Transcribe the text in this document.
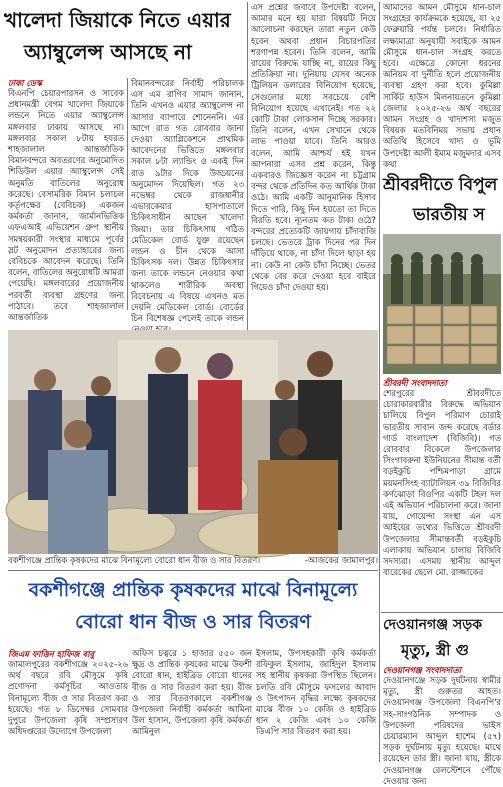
খালেদা জিয়াকে নিতে এয়ার
অ্যাম্বুলেন্স আসছে না
ঢাকা ডেস্ক
বিএনপি চেয়ারপারসন ও সাবেক প্রধানমন্ত্রী বেগম খালেদা জিয়াকে লন্ডনে নিতে এয়ার অ্যাম্বুলেন্স মঙ্গলবার ঢাকায় আসছে না। মঙ্গলবার সকাল ৮টায় হযরত শাহজালাল আন্তর্জাতিক বিমানবন্দরে অবতরণের অনুমোদিত শিডিউল এয়ার অ্যাম্বুলেন্স সেই অনুমতি বাতিলের অনুরোধ করেছে। বেসামরিক বিমান চলাচল কর্তৃপক্ষের (বেবিচক) একজন কর্মকর্তা জানান, জার্মানভিত্তিক এফএআই এভিয়েশন গ্রুপ স্থানীয় সমন্বয়কারী সংস্থার মাধ্যমে পূর্বের স্লট অনুমোদন প্রত্যাহারের জন্য বেবিচকে আবেদন করেছে। তিনি বলেন, বাতিলের অনুরোধটি আমরা পেয়েছি। মঙ্গলবারের প্রয়োজনীয় পরবর্তী ব্যবস্থা গ্রহণের জন্য পাঠাবে। তবে শাহজালাল আন্তর্জাতিক
বিমানবন্দরের নির্বাহী পরিচালক এস এম রাগিব সামাদ জানান, তিনি এখনও এয়ার অ্যাম্বুলেন্স না আসার ব্যাপারে শোনেননি। এর আগে রাত গত রোববার জানা দেওয়া অ্যাপ্লিকেশনে প্রাথমিক আবেদনের ভিত্তিতে মঙ্গলবার সকাল ৮টা ল্যান্ডিং ও একই দিন রাত ৯টার দিকে উড্ডয়নের অনুমোদন দিয়েছিল। গত ২৩ নভেম্বর থেকে রাজধানীর এভারকেয়ার হাসপাতালে চিকিৎসাধীন আছেন খালেদা জিয়া। তার চিকিৎসায় গঠিত মেডিকেল বোর্ড যুক্ত রয়েছেন লন্ডন ও চীন থেকে আসা চিকিৎসক দল। উন্নত চিকিৎসার জন্য তাকে লন্ডনে নেওয়ার কথা থাকলেও শারীরিক অবস্থা বিবেচনায় এ বিষয়ে এখনও মত দেয়নি মেডিকেল বোর্ড। বোর্ডের চিন বিশেষজ্ঞ পেলেই তাকে লন্ডন
এস প্রশ্নের জবাবে উপদেষ্টা বলেন, আমার মনে হয় যারা বিষয়টি নিয়ে আলোচনা করছেন তারা নতুন কেউ হবেন অথবা প্রধান বিচারপতির শরণাপন্ন হবেন। তিনি বলেন, আমি রায়ের বিরুদ্ধে যাচ্ছি না, রায়ের কিছু প্রতিক্রিয়া না। দুনিয়ায় যেসব অনেক ট্রিলিয়ন ডলারের বিনিয়োগ হয়েছে, সেগুলোর মধ্যে সবচেয়ে বেশি বিনিয়োগ হয়েছে এখানেই। গত ২২ কোটি টাকা লোকসান দিচ্ছে সরকার। তিনি বলেন, এখন সেখানে থেকে লাভ পাওয়া যাবে। তিনি আরও বলেন, আমি আশ্চর্য হই যখন আপনারা এসব প্রশ্ন করেন, কিন্তু একবারও জিজ্ঞেস করেন না চট্টগ্রাম বন্দর থেকে প্রতিদিন কত আর্থিক টাকা ওঠে। আমি একটি আনুমানিক হিসাব দিতে পারি, কিছু দিন হয়তো তা দিতে বিরতি হবে। ন্যূনতম কত টাকা ওঠে? বন্দরের প্রত্যেকটি জায়গায় চাঁদাবাজি চলছে। ভেতরে ট্রাক দিনের পর দিন দাঁড়িয়ে থাকে, না চাঁদা দিলে ছাড়া হয় না। কেউ না কেউ চাঁদা নিচ্ছে। ভেতর থেকে বের করে দেওয়া হবে বাইরে গিয়েও চাঁদা দেওয়া হয়।
আমাদের আমন মৌসুমে ধান-চাল সংগ্রহের কার্যক্রমকে হয়েছে, যা ২৫ ফেব্রুয়ারি পর্যন্ত চলবে। নির্ধারিত লক্ষ্যমাত্রা অনুযায়ী সবাইকে আমন মৌসুমে ধান-চাল সংগ্রহ করতে হবে। এক্ষেত্রে কোনো ধরনের অনিয়ম বা দুর্নীতি হলে প্রয়োজনীয় ব্যবস্থা গ্রহণ করা হবে। কুমিল্লা সার্কিট হাউস মিলনায়তনে কুমিল্লা জেলার ২০২৫-২৬ অর্থ বছরের আমন সংগ্রহ ও খাদ্যশস্য মজুত বিষয়ক মতবিনিময় সভায় প্রধান অতিথি হিসেবে খাদ্য ও ভূমি উপদেষ্টা আলী ইমাম মজুমদার এসব কথা
শ্রীবরদীতে বিপুল
ভারতীয় স
শ্রীবরদী সংবাদদাতা
শেরপুরের শ্রীবরদীতে চোরাকারবারীর বিরুদ্ধে অভিযান চালিয়ে বিপুল পরিমাণ চোরাই ভারতীয় সাবান জব্দ করেছে বর্ডার গার্ড বাংলাদেশ (বিজিবি)। গত রোববার বিকেলে উপজেলার সিংগাবরুনা ইউনিয়নের সীমান্ত বর্তী বড়ইকুচি পশ্চিমপাড়া গ্রামে ময়মনসিংহ ব্যাটালিয়ন ৩৯ বিজিবির কর্ণঝোড়া বিওপির একটি টহল দল এই অভিযান পরিচালনা করে। জানা যায়, গোয়েন্দা সংস্থা এন এস আইয়ের তথ্যের ভিত্তিতে শ্রীবরদী উপজেলার সীমান্তবর্তী বড়ইকুচি এলাকায় অভিযান চালায় বিজিবি সদস্যরা। এসময় স্থানীয় আব্দুল বারেকের ছেলে মো. রাজ্জাকের
দেওয়ানগঞ্জ সড়ক
মৃত্যু, স্ত্রী গু
দেওয়ানগঞ্জ সংবাদদাতা
দেওয়ানগঞ্জে সড়ক দুর্ঘটনায় স্বামীর মৃত্যু, স্ত্রী গুরুতর আহত। দেওয়ানগঞ্জ উপজেলা বিএনপি'র সহ-সাংগঠনিক সম্পাদক ও উপজেলা পরিষদের ভাইস চেয়ারম্যান আব্দুল হাশেম (৫৭) সড়ক দুর্ঘটনায় মৃত্যু হয়েছে। মাথে রয়েছেন তার স্ত্রী। জানা যায়, স্ত্রীকে দেওয়ানগঞ্জ রেলস্টেশনে পৌঁছে দেওয়ার জন্য
বকশীগঞ্জে প্রান্তিক কৃষকদের মাঝে বিনামূল্যে বোরো ধান বীজ ও সার বিতরণ।	-আজকের জামালপুর।
বকশীগঞ্জে প্রান্তিক কৃষকদের মাঝে বিনামূল্যে
বোরো ধান বীজ ও সার বিতরণ
জিএম ফাত্তিন হাফিজ বাবু
জামালপুরের বকশীগঞ্জে ২০২৫-২৬ অর্থ বছরে রবি মৌসুমে কৃষি প্রণোদনা কর্মসূচির আওতায় বিনামূল্যে বীজ ও সার বিতরণ করা হয়েছে। গত ৮ ডিসেম্বর সোমবার দুপুরে উপজেলা কৃষি সম্প্রসারণ অধিদপ্তরের উদ্যোগে উপজেলা
অফিস চত্বরে ১ হাজার ৫৫০ জন ক্ষুদ্র ও প্রান্তিক কৃষকের মাঝে উফশী বোরো ধান, হাইব্রিড বোরো ধানের বীজ ও সার বিতরণ করা হয়। বীজ ও সার বিতরণকালে বকশীগঞ্জ উপজেলা নির্বাহী কর্মকর্তা আমিনা উল হাসান, উপজেলা কৃষি কর্মকর্তা আমিনুল
ইসলাম, উপসহকারী কৃষি কর্মকর্তা রফিকুল ইসলাম, জাহিদুল ইসলাম সহ স্থানীয় কৃষকরা উপস্থিত ছিলেন। চলতি রবি মৌসুমে ফসলের আবাদ ও উৎপাদন বৃদ্ধির লক্ষ্যে কৃষকদের মাঝে বীজ ১০ কেজি ও হাইব্রিড ধান ২ কেজি এবং ১০ কেজি ডিএপি সার বিতরণ করা হয়।
